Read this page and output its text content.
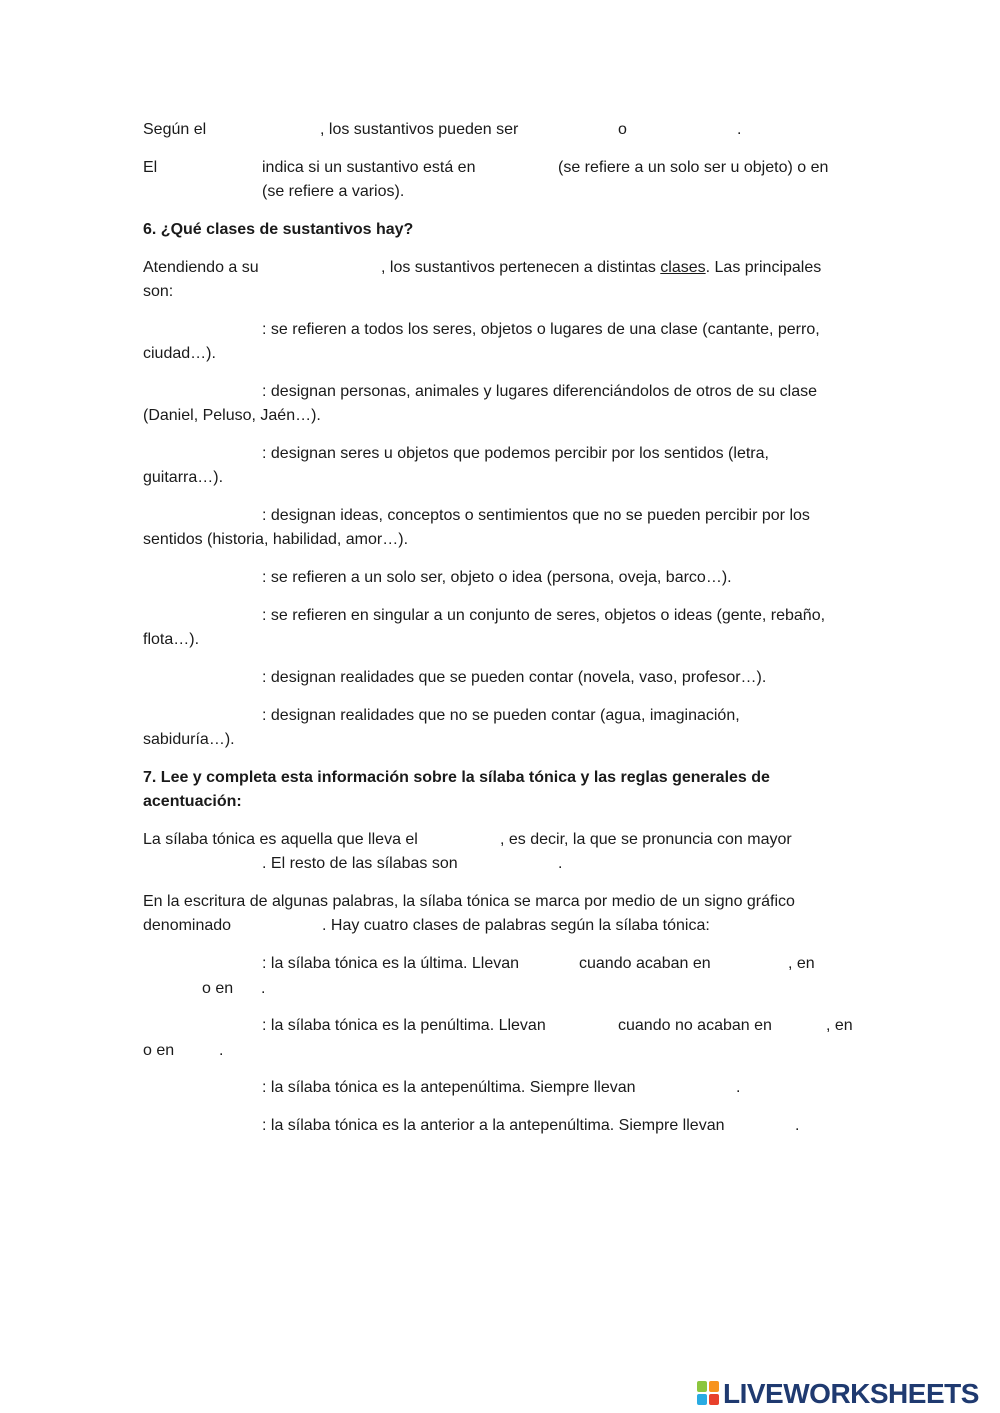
Según el	, los sustantivos pueden ser	o	.
El	indica si un sustantivo está en	(se refiere a un solo ser u objeto) o en
(se refiere a varios).
6. ¿Qué clases de sustantivos hay?
Atendiendo a su	, los sustantivos pertenecen a distintas clases. Las principales
son:
: se refieren a todos los seres, objetos o lugares de una clase (cantante, perro,
ciudad…).
: designan personas, animales y lugares diferenciándolos de otros de su clase
(Daniel, Peluso, Jaén…).
: designan seres u objetos que podemos percibir por los sentidos (letra,
guitarra…).
: designan ideas, conceptos o sentimientos que no se pueden percibir por los
sentidos (historia, habilidad, amor…).
: se refieren a un solo ser, objeto o idea (persona, oveja, barco…).
: se refieren en singular a un conjunto de seres, objetos o ideas (gente, rebaño,
flota…).
: designan realidades que se pueden contar (novela, vaso, profesor…).
: designan realidades que no se pueden contar (agua, imaginación,
sabiduría…).
7. Lee y completa esta información sobre la sílaba tónica y las reglas generales de
acentuación:
La sílaba tónica es aquella que lleva el	, es decir, la que se pronuncia con mayor
. El resto de las sílabas son	.
En la escritura de algunas palabras, la sílaba tónica se marca por medio de un signo gráfico
denominado	. Hay cuatro clases de palabras según la sílaba tónica:
: la sílaba tónica es la última. Llevan	cuando acaban en	, en
o en .
: la sílaba tónica es la penúltima. Llevan	cuando no acaban en	, en
o en	.
: la sílaba tónica es la antepenúltima. Siempre llevan	.
: la sílaba tónica es la anterior a la antepenúltima. Siempre llevan	.
LIVEWORKSHEETS
